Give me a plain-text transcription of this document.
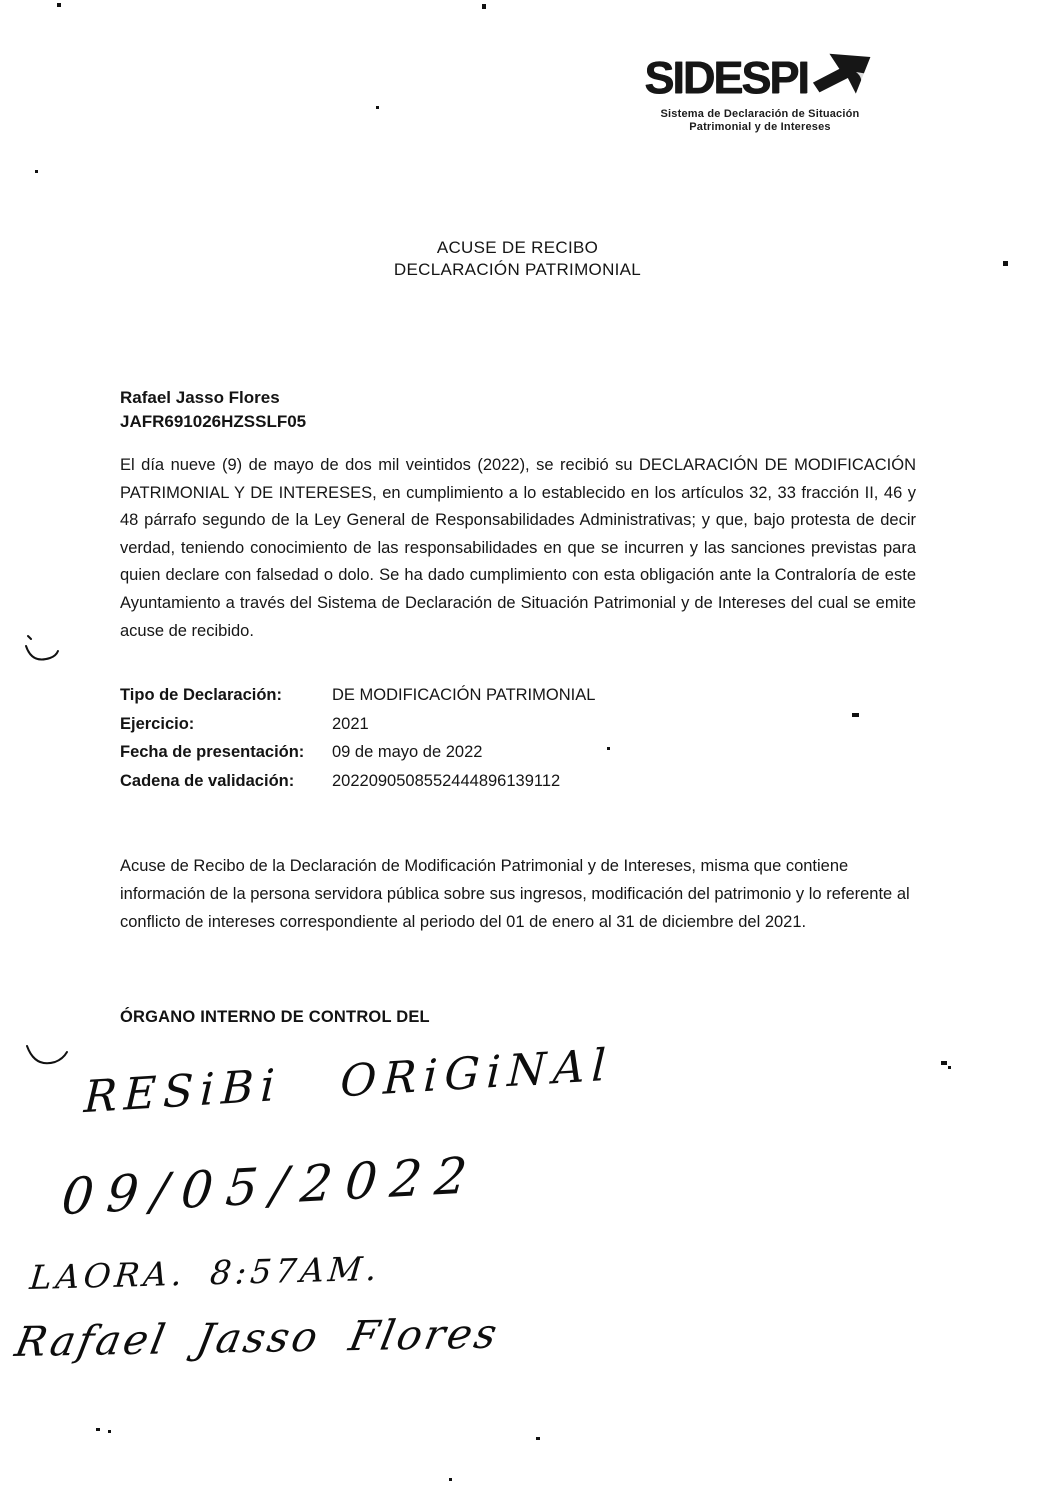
SIDESPI
Sistema de Declaración de Situación
Patrimonial y de Intereses
ACUSE DE RECIBO
DECLARACIÓN PATRIMONIAL
Rafael Jasso Flores
JAFR691026HZSSLF05
El día nueve (9) de mayo de dos mil veintidos (2022), se recibió su DECLARACIÓN DE MODIFICACIÓN PATRIMONIAL Y DE INTERESES, en cumplimiento a lo establecido en los artículos 32, 33 fracción II, 46 y 48 párrafo segundo de la Ley General de Responsabilidades Administrativas; y que, bajo protesta de decir verdad, teniendo conocimiento de las responsabilidades en que se incurren y las sanciones previstas para quien declare con falsedad o dolo. Se ha dado cumplimiento con esta obligación ante la Contraloría de este Ayuntamiento a través del Sistema de Declaración de Situación Patrimonial y de Intereses del cual se emite acuse de recibido.
Tipo de Declaración:	DE MODIFICACIÓN PATRIMONIAL
Ejercicio:	2021
Fecha de presentación:	09 de mayo de 2022
Cadena de validación:	2022090508552444896139112
Acuse de Recibo de la Declaración de Modificación Patrimonial y de Intereses, misma que contiene información de la persona servidora pública sobre sus ingresos, modificación del patrimonio y lo referente al conflicto de intereses correspondiente al periodo del 01 de enero al 31 de diciembre del 2021.
ÓRGANO INTERNO DE CONTROL DEL
RESiBi ORiGiNAl
09/05/2022
LAORA. 8:57AM.
Rafael Jasso Flores
